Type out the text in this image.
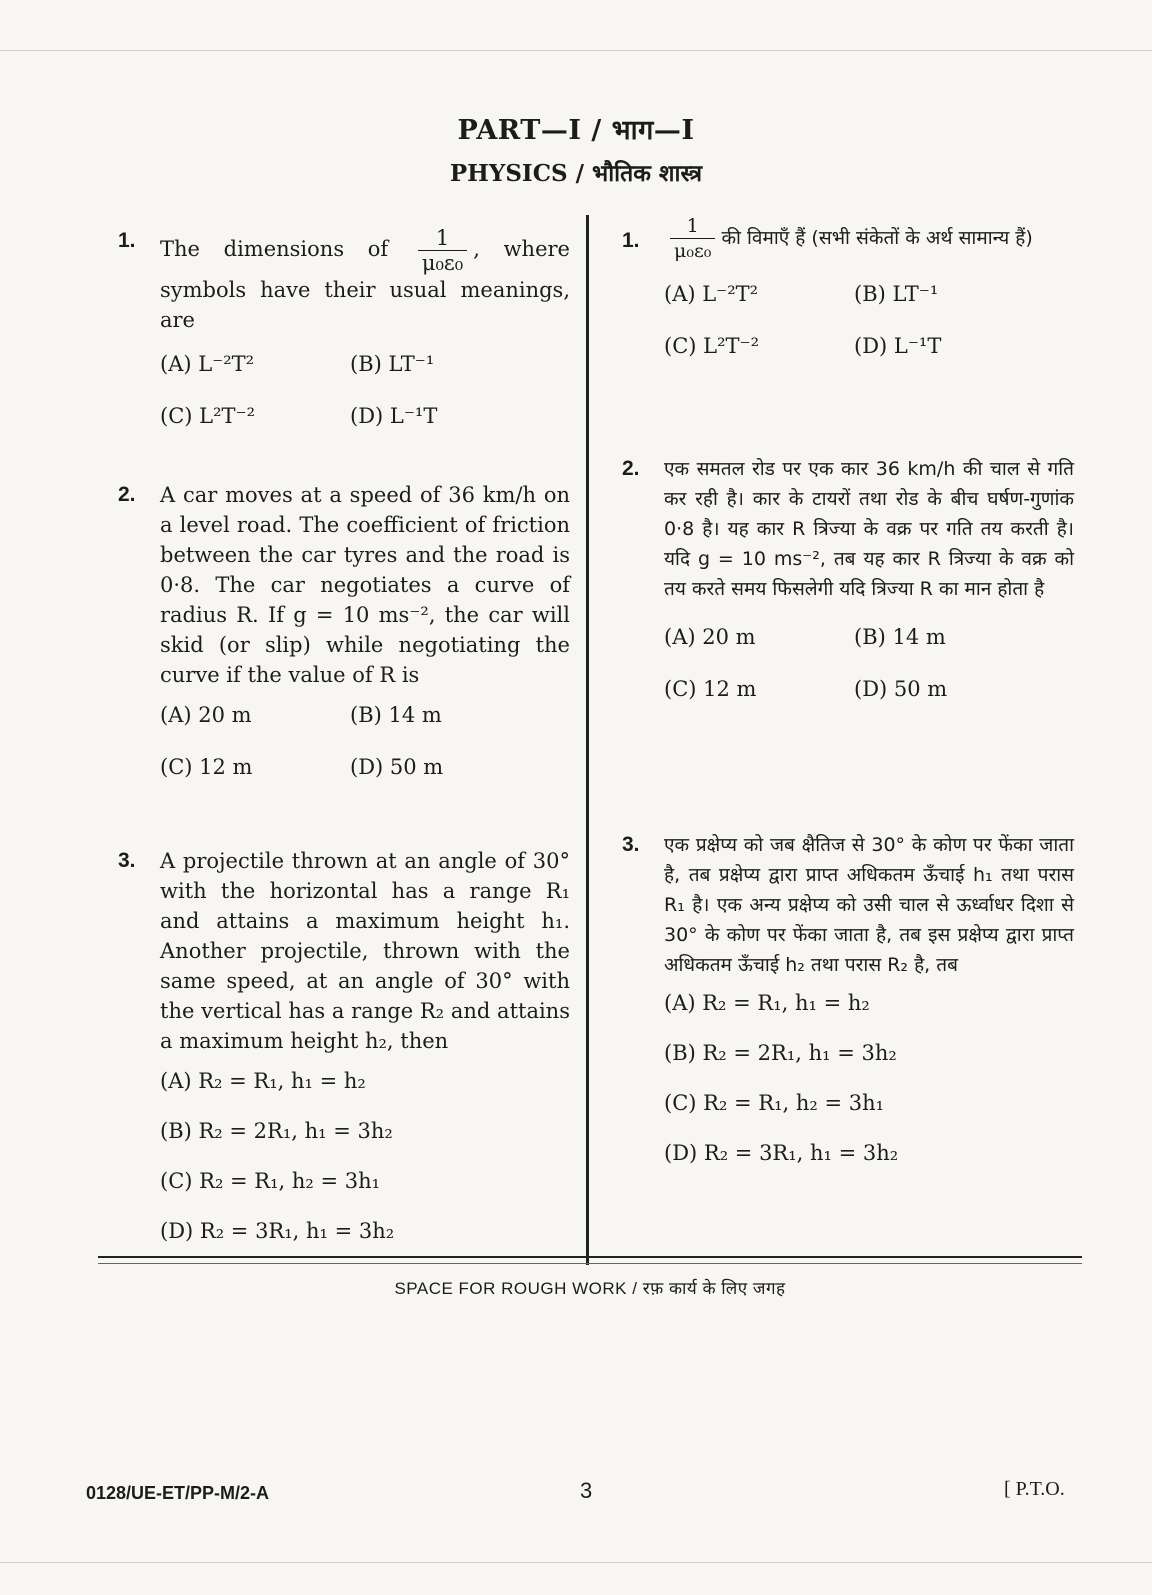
PART—I / भाग—I
PHYSICS / भौतिक शास्त्र
1. The dimensions of $\frac{1}{\text{μ₀ε₀}}$ , where symbols have their usual meanings, are
(A) L⁻²T²	(B) LT⁻¹
(C) L²T⁻²	(D) L⁻¹T
2. A car moves at a speed of 36 km/h on a level road. The coefficient of friction between the car tyres and the road is 0·8. The car negotiates a curve of radius R. If g = 10 ms⁻², the car will skid (or slip) while negotiating the curve if the value of R is
(A) 20 m	(B) 14 m
(C) 12 m	(D) 50 m
3. A projectile thrown at an angle of 30° with the horizontal has a range R₁ and attains a maximum height h₁. Another projectile, thrown with the same speed, at an angle of 30° with the vertical has a range R₂ and attains a maximum height h₂, then
(A) R₂ = R₁, h₁ = h₂
(B) R₂ = 2R₁, h₁ = 3h₂
(C) R₂ = R₁, h₂ = 3h₁
(D) R₂ = 3R₁, h₁ = 3h₂
1. $\frac{1}{\text{μ₀ε₀}}$ की विमाएँ हैं (सभी संकेतों के अर्थ सामान्य हैं)
(A) L⁻²T²	(B) LT⁻¹
(C) L²T⁻²	(D) L⁻¹T
2. एक समतल रोड पर एक कार 36 km/h की चाल से गति कर रही है। कार के टायरों तथा रोड के बीच घर्षण-गुणांक 0·8 है। यह कार R त्रिज्या के वक्र पर गति तय करती है। यदि g = 10 ms⁻², तब यह कार R त्रिज्या के वक्र को तय करते समय फिसलेगी यदि त्रिज्या R का मान होता है
(A) 20 m	(B) 14 m
(C) 12 m	(D) 50 m
3. एक प्रक्षेप्य को जब क्षैतिज से 30° के कोण पर फेंका जाता है, तब प्रक्षेप्य द्वारा प्राप्त अधिकतम ऊँचाई h₁ तथा परास R₁ है। एक अन्य प्रक्षेप्य को उसी चाल से ऊर्ध्वाधर दिशा से 30° के कोण पर फेंका जाता है, तब इस प्रक्षेप्य द्वारा प्राप्त अधिकतम ऊँचाई h₂ तथा परास R₂ है, तब
(A) R₂ = R₁, h₁ = h₂
(B) R₂ = 2R₁, h₁ = 3h₂
(C) R₂ = R₁, h₂ = 3h₁
(D) R₂ = 3R₁, h₁ = 3h₂
SPACE FOR ROUGH WORK / रफ़ कार्य के लिए जगह
0128/UE-ET/PP-M/2-A	3	[ P.T.O.
